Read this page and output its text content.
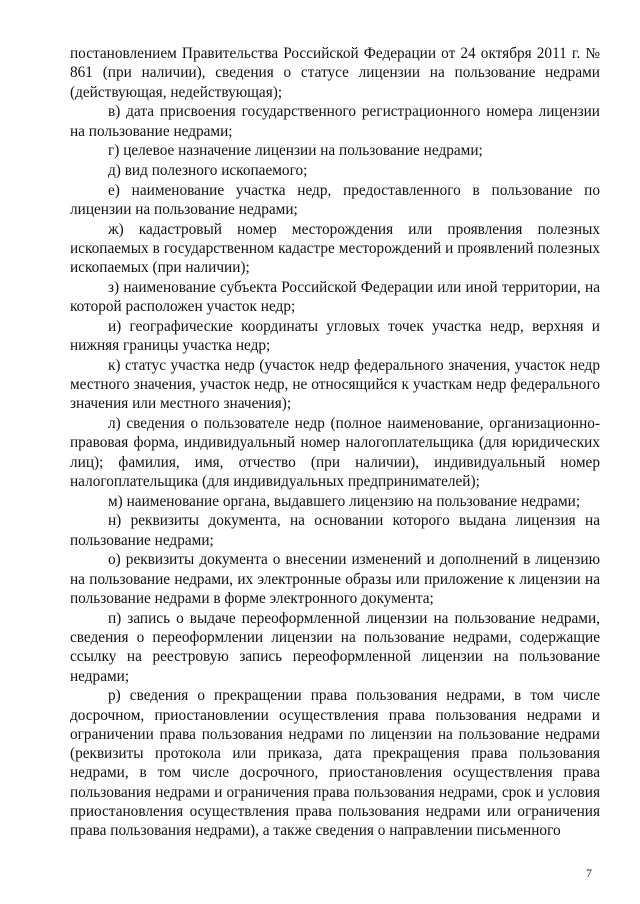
постановлением Правительства Российской Федерации от 24 октября 2011 г. № 861 (при наличии), сведения о статусе лицензии на пользование недрами (действующая, недействующая);

в) дата присвоения государственного регистрационного номера лицензии на пользование недрами;

г) целевое назначение лицензии на пользование недрами;

д) вид полезного ископаемого;

е) наименование участка недр, предоставленного в пользование по лицензии на пользование недрами;

ж) кадастровый номер месторождения или проявления полезных ископаемых в государственном кадастре месторождений и проявлений полезных ископаемых (при наличии);

з) наименование субъекта Российской Федерации или иной территории, на которой расположен участок недр;

и) географические координаты угловых точек участка недр, верхняя и нижняя границы участка недр;

к) статус участка недр (участок недр федерального значения, участок недр местного значения, участок недр, не относящийся к участкам недр федерального значения или местного значения);

л) сведения о пользователе недр (полное наименование, организационно-правовая форма, индивидуальный номер налогоплательщика (для юридических лиц); фамилия, имя, отчество (при наличии), индивидуальный номер налогоплательщика (для индивидуальных предпринимателей);

м) наименование органа, выдавшего лицензию на пользование недрами;

н) реквизиты документа, на основании которого выдана лицензия на пользование недрами;

о) реквизиты документа о внесении изменений и дополнений в лицензию на пользование недрами, их электронные образы или приложение к лицензии на пользование недрами в форме электронного документа;

п) запись о выдаче переоформленной лицензии на пользование недрами, сведения о переоформлении лицензии на пользование недрами, содержащие ссылку на реестровую запись переоформленной лицензии на пользование недрами;

р) сведения о прекращении права пользования недрами, в том числе досрочном, приостановлении осуществления права пользования недрами и ограничении права пользования недрами по лицензии на пользование недрами (реквизиты протокола или приказа, дата прекращения права пользования недрами, в том числе досрочного, приостановления осуществления права пользования недрами и ограничения права пользования недрами, срок и условия приостановления осуществления права пользования недрами или ограничения права пользования недрами), а также сведения о направлении письменного

7
